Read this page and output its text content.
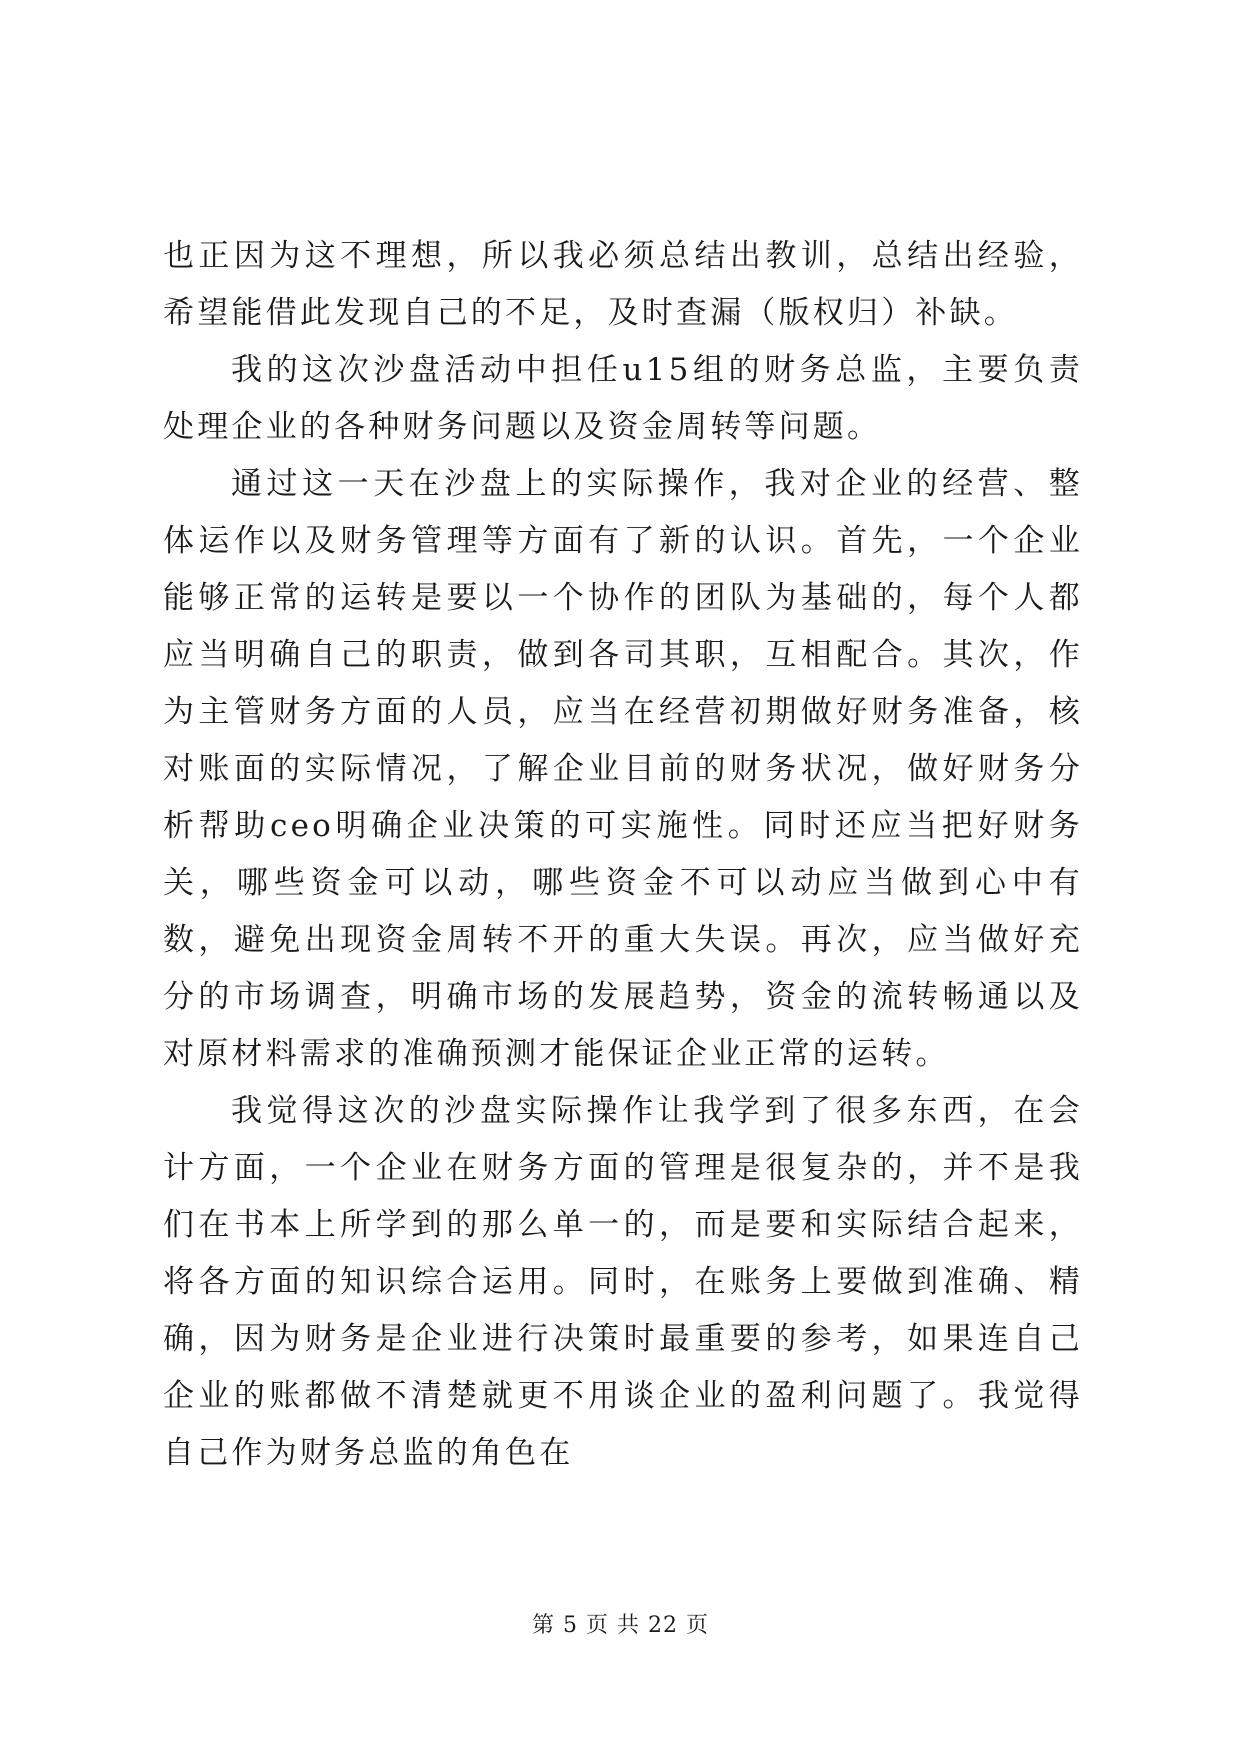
也正因为这不理想，所以我必须总结出教训，总结出经验，希望能借此发现自己的不足，及时查漏（版权归）补缺。

我的这次沙盘活动中担任u15组的财务总监，主要负责处理企业的各种财务问题以及资金周转等问题。

通过这一天在沙盘上的实际操作，我对企业的经营、整体运作以及财务管理等方面有了新的认识。首先，一个企业能够正常的运转是要以一个协作的团队为基础的，每个人都应当明确自己的职责，做到各司其职，互相配合。其次，作为主管财务方面的人员，应当在经营初期做好财务准备，核对账面的实际情况，了解企业目前的财务状况，做好财务分析帮助ceo明确企业决策的可实施性。同时还应当把好财务关，哪些资金可以动，哪些资金不可以动应当做到心中有数，避免出现资金周转不开的重大失误。再次，应当做好充分的市场调查，明确市场的发展趋势，资金的流转畅通以及对原材料需求的准确预测才能保证企业正常的运转。

我觉得这次的沙盘实际操作让我学到了很多东西，在会计方面，一个企业在财务方面的管理是很复杂的，并不是我们在书本上所学到的那么单一的，而是要和实际结合起来，将各方面的知识综合运用。同时，在账务上要做到准确、精确，因为财务是企业进行决策时最重要的参考，如果连自己企业的账都做不清楚就更不用谈企业的盈利问题了。我觉得自己作为财务总监的角色在

第 5 页 共 22 页
